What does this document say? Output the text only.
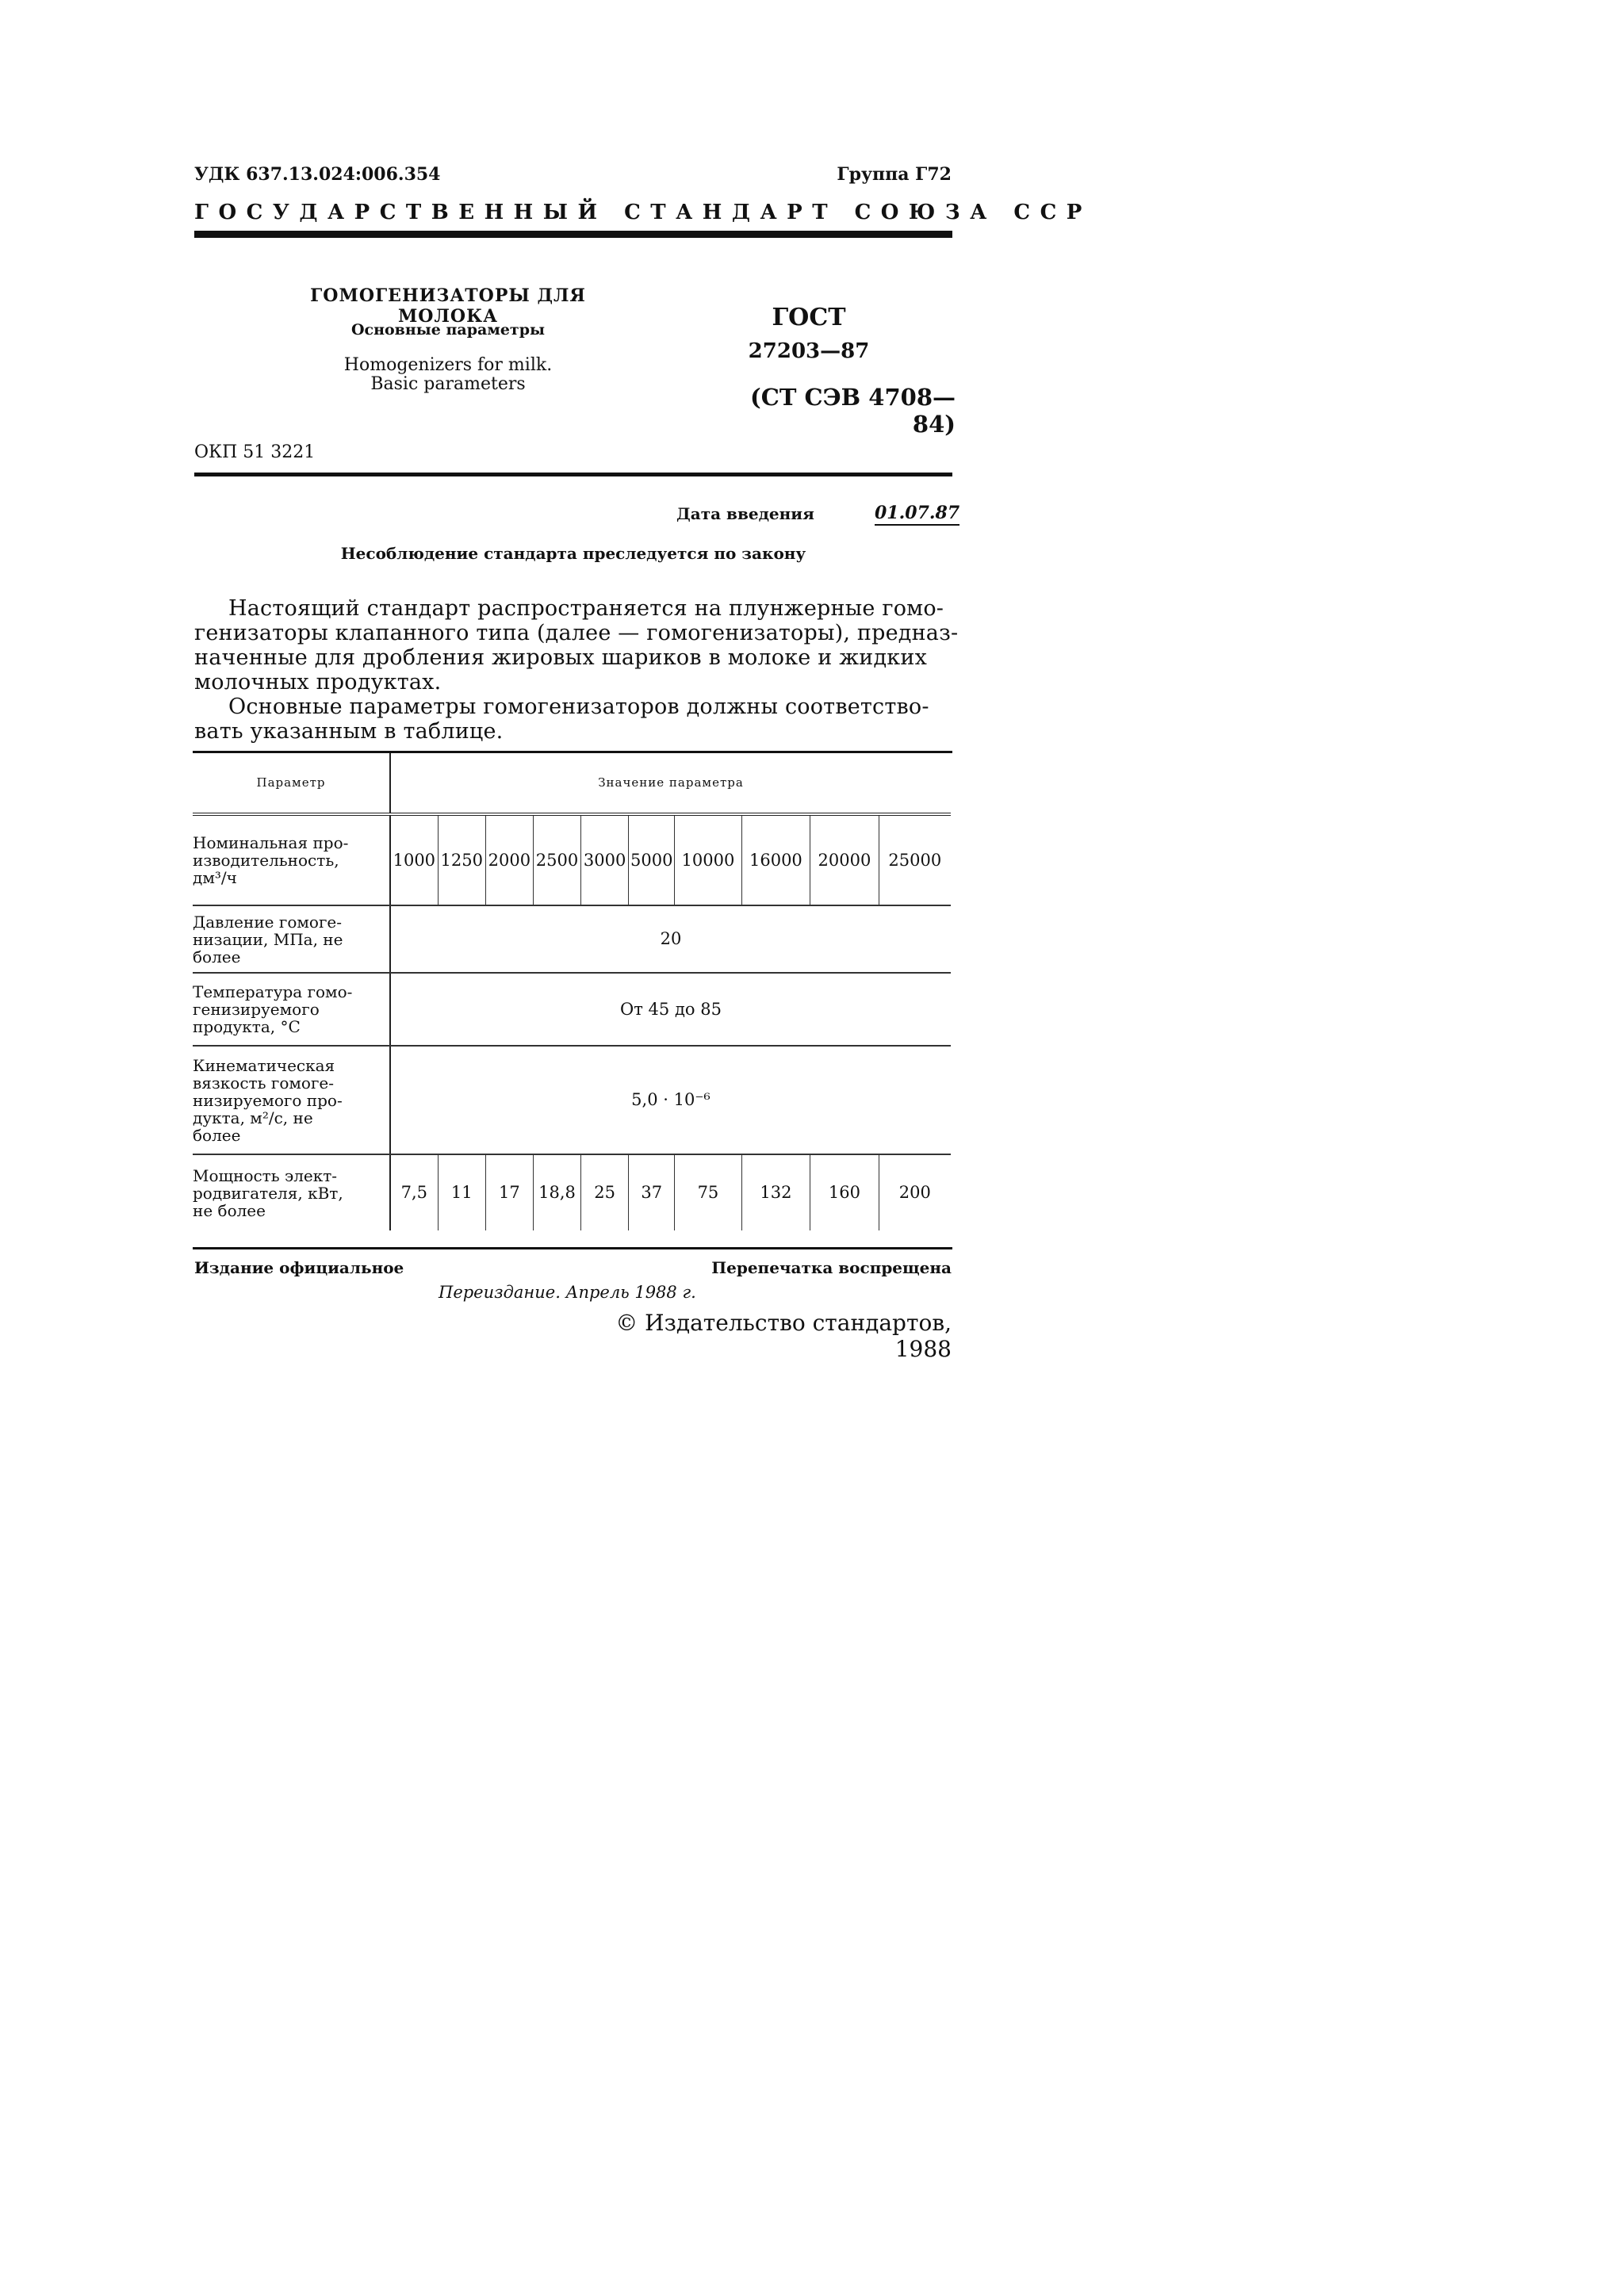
УДК 637.13.024:006.354	Группа Г72
ГОСУДАРСТВЕННЫЙ СТАНДАРТ СОЮЗА ССР
ГОМОГЕНИЗАТОРЫ ДЛЯ МОЛОКА
Основные параметры
Homogenizers for milk.
Basic parameters
ГОСТ
27203—87
(СТ СЭВ 4708—84)
ОКП 51 3221
Дата введения	01.07.87
Несоблюдение стандарта преследуется по закону
Настоящий стандарт распространяется на плунжерные гомо-
генизаторы клапанного типа (далее — гомогенизаторы), предназ-
наченные для дробления жировых шариков в молоке и жидких
молочных продуктах.
Основные параметры гомогенизаторов должны соответство-
вать указанным в таблице.
Параметр	Значение параметра									

Номинальная про-
изводительность,
дм³/ч	1000	1250	2000	2500	3000	5000	10000	16000	20000	25000

Давление гомоге-
низации, МПа, не
более	20									

Температура гомо-
генизируемого
продукта, °С	От 45 до 85									

Кинематическая
вязкость гомоге-
низируемого про-
дукта, м²/с, не
более	5,0 · 10⁻⁶									

Мощность элект-
родвигателя, кВт,
не более	7,5	11	17	18,8	25	37	75	132	160	200
Издание официальное	Перепечатка воспрещена
Переиздание. Апрель 1988 г.
© Издательство стандартов, 1988
